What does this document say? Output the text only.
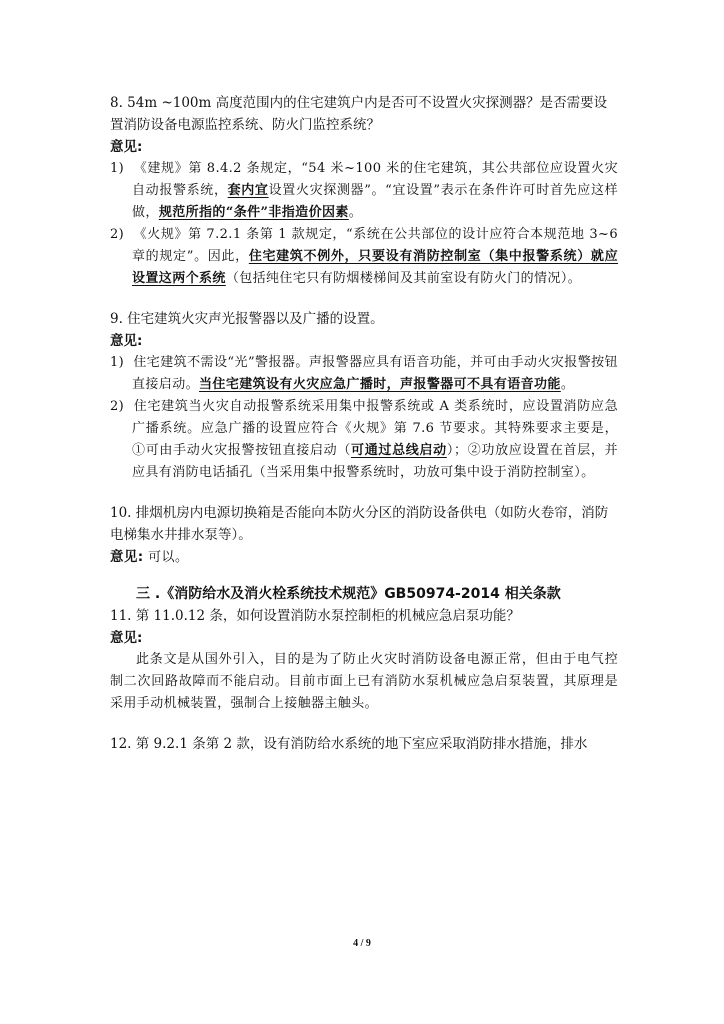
8. 54m ~100m 高度范围内的住宅建筑户内是否可不设置火灾探测器？是否需要设置消防设备电源监控系统、防火门监控系统？

意见:

1) 《建规》第 8.4.2 条规定，“54 米~100 米的住宅建筑，其公共部位应设置火灾自动报警系统，套内宜设置火灾探测器”。“宜设置”表示在条件许可时首先应这样做，规范所指的“条件”非指造价因素。

2) 《火规》第 7.2.1 条第 1 款规定，“系统在公共部位的设计应符合本规范地 3~6 章的规定”。因此，住宅建筑不例外，只要设有消防控制室（集中报警系统）就应设置这两个系统（包括纯住宅只有防烟楼梯间及其前室设有防火门的情况）。

9. 住宅建筑火灾声光报警器以及广播的设置。

意见:

1) 住宅建筑不需设“光”警报器。声报警器应具有语音功能，并可由手动火灾报警按钮直接启动。当住宅建筑设有火灾应急广播时，声报警器可不具有语音功能。

2) 住宅建筑当火灾自动报警系统采用集中报警系统或 A 类系统时，应设置消防应急广播系统。应急广播的设置应符合《火规》第 7.6 节要求。其特殊要求主要是，①可由手动火灾报警按钮直接启动（可通过总线启动）；②功放应设置在首层，并应具有消防电话插孔（当采用集中报警系统时，功放可集中设于消防控制室）。

10. 排烟机房内电源切换箱是否能向本防火分区的消防设备供电（如防火卷帘，消防电梯集水井排水泵等）。

意见: 可以。

三 .《消防给水及消火栓系统技术规范》GB50974-2014 相关条款

11. 第 11.0.12 条，如何设置消防水泵控制柜的机械应急启泵功能？

意见:

此条文是从国外引入，目的是为了防止火灾时消防设备电源正常，但由于电气控制二次回路故障而不能启动。目前市面上已有消防水泵机械应急启泵装置，其原理是采用手动机械装置，强制合上接触器主触头。

12. 第 9.2.1 条第 2 款，设有消防给水系统的地下室应采取消防排水措施，排水

4 / 9
